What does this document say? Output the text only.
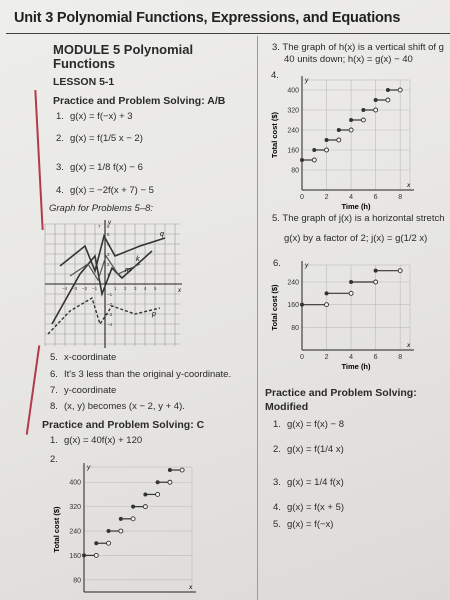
Unit 3 Polynomial Functions, Expressions, and Equations
MODULE 5 Polynomial
Functions
LESSON 5-1
Practice and Problem Solving: A/B
1. g(x) = f(−x) + 3
2. g(x) = f(1/5 x − 2)
3. g(x) = 1/8 f(x) − 6
4. g(x) = −2f(x + 7) − 5
Graph for Problems 5–8:
k
q
m
p
y
x
−4 −3 −2 −1	1 2 3 4 5
1
2
3
4
5
6
7
−1
−2
−3
−4
5. x-coordinate
6. It's 3 less than the original y-coordinate.
7. y-coordinate
8. (x, y) becomes (x − 2, y + 4).
Practice and Problem Solving: C
1. g(x) = 40f(x) + 120
2.
3. The graph of h(x) is a vertical shift of g
40 units down; h(x) = g(x) − 40
4.
5. The graph of j(x) is a horizontal stretch
g(x) by a factor of 2; j(x) = g(1/2 x)
6.
Practice and Problem Solving:
Modified
1. g(x) = f(x) − 8
2. g(x) = f(1/4 x)
3. g(x) = 1/4 f(x)
4. g(x) = f(x + 5)
5. g(x) = f(−x)
80
160
240
320
400
0	2	4	6	8
y
x
Total cost ($)
Time (h)
80
160
240
0	2	4	6	8
y
x
Total cost ($)
Time (h)
80
160
240
320
400
y
x
Total cost ($)
